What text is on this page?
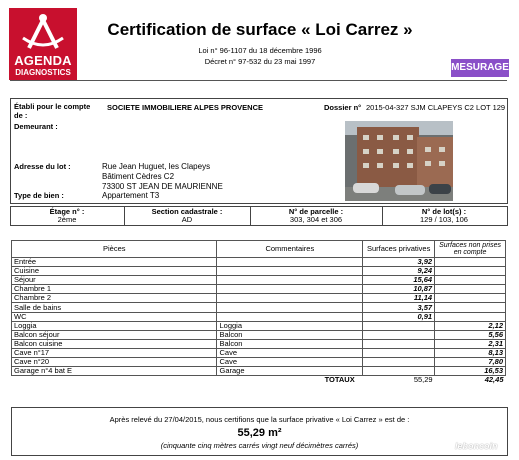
AGENDA
DIAGNOSTICS
Certification de surface « Loi Carrez »
Loi n° 96-1107 du 18 décembre 1996
Décret n° 97-532 du 23 mai 1997
MESURAGE
Établi pour le compte de :
SOCIETE IMMOBILIERE ALPES PROVENCE	Dossier n° 2015-04-327 SJM CLAPEYS C2 LOT 129
Demeurant :
Adresse du lot :	Rue Jean Huguet, les Clapeys
Bâtiment Cèdres C2
73300 ST JEAN DE MAURIENNE
Type de bien :	Appartement T3
Étage n° :
2ème
Section cadastrale :
AD
N° de parcelle :
303, 304 et 306
N° de lot(s) :
129 / 103, 106
Pièces	Commentaires	Surfaces privatives	Surfaces non prises en compte
Entrée		3,92	
Cuisine		9,24	
Séjour		15,64	
Chambre 1		10,87	
Chambre 2		11,14	
Salle de bains		3,57	
WC		0,91	
Loggia	Loggia		2,12
Balcon séjour	Balcon		5,56
Balcon cuisine	Balcon		2,31
Cave n°17	Cave		8,13
Cave n°20	Cave		7,80
Garage n°4 bat E	Garage		16,53
	TOTAUX	55,29	42,45
Après relevé du 27/04/2015, nous certifions que la surface privative « Loi Carrez » est de :
55,29 m²
(cinquante cinq mètres carrés vingt neuf décimètres carrés)	leboncoin
